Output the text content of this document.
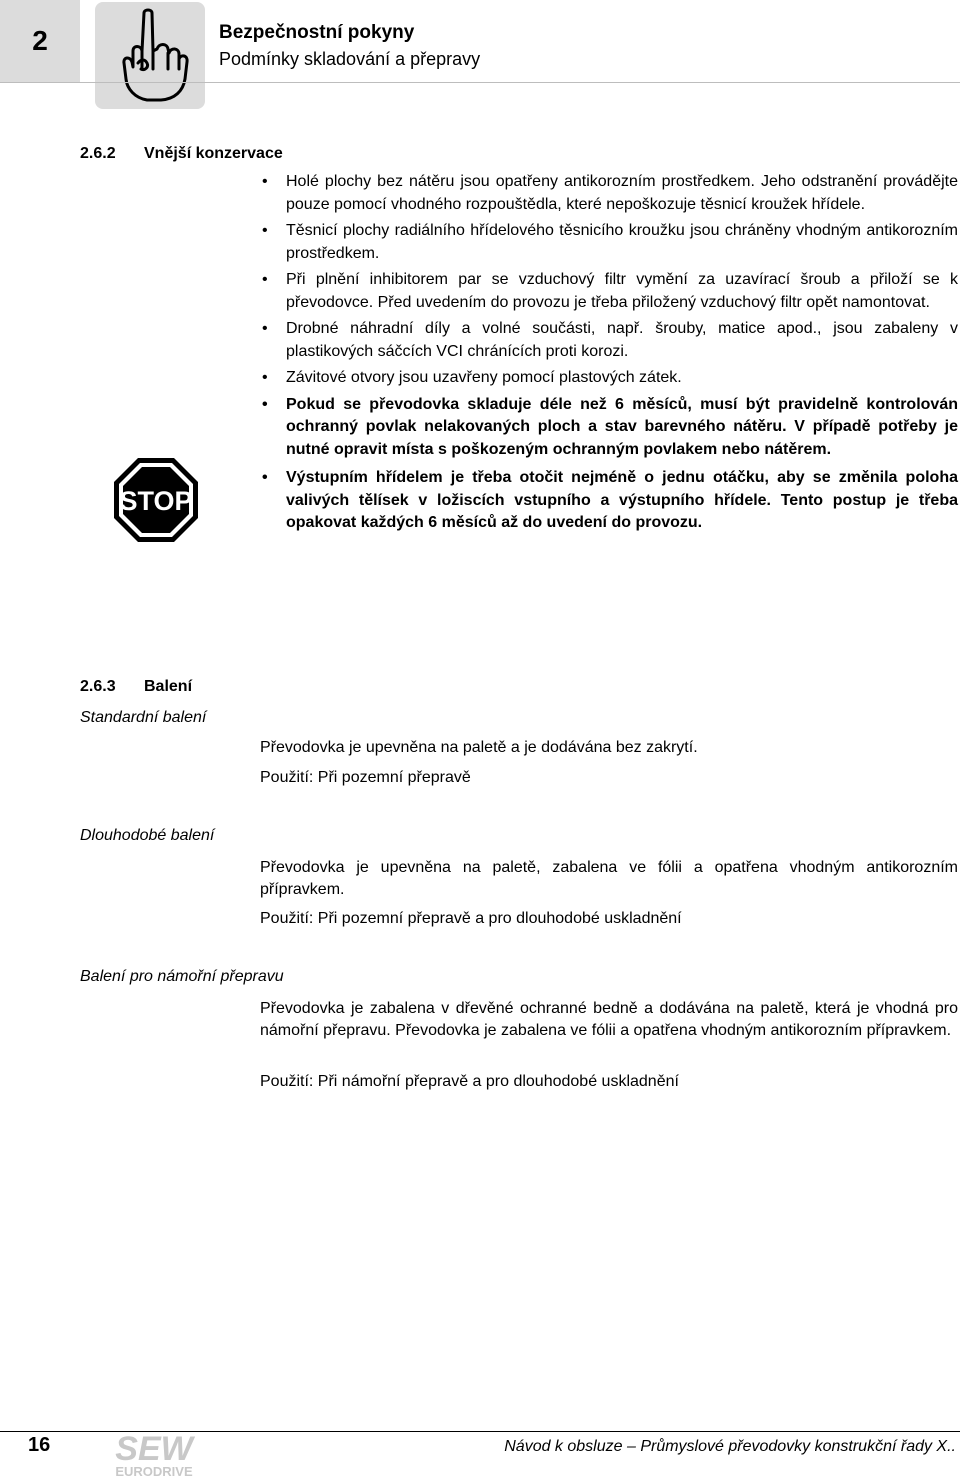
2	Bezpečnostní pokyny
Podmínky skladování a přepravy
2.6.2 Vnější konzervace
• Holé plochy bez nátěru jsou opatřeny antikorozním prostředkem. Jeho odstranění provádějte pouze pomocí vhodného rozpouštědla, které nepoškozuje těsnicí kroužek hřídele.
• Těsnicí plochy radiálního hřídelového těsnicího kroužku jsou chráněny vhodným antikorozním prostředkem.
• Při plnění inhibitorem par se vzduchový filtr vymění za uzavírací šroub a přiloží se k převodovce. Před uvedením do provozu je třeba přiložený vzduchový filtr opět namontovat.
• Drobné náhradní díly a volné součásti, např. šrouby, matice apod., jsou zabaleny v plastikových sáčcích VCI chránících proti korozi.
• Závitové otvory jsou uzavřeny pomocí plastových zátek.
• Pokud se převodovka skladuje déle než 6 měsíců, musí být pravidelně kontrolován ochranný povlak nelakovaných ploch a stav barevného nátěru. V případě potřeby je nutné opravit místa s poškozeným ochranným povlakem nebo nátěrem.
• Výstupním hřídelem je třeba otočit nejméně o jednu otáčku, aby se změnila poloha valivých tělísek v ložiscích vstupního a výstupního hřídele. Tento postup je třeba opakovat každých 6 měsíců až do uvedení do provozu.
STOP
2.6.3 Balení
Standardní balení

Převodovka je upevněna na paletě a je dodávána bez zakrytí.

Použití: Při pozemní přepravě

Dlouhodobé balení

Převodovka je upevněna na paletě, zabalena ve fólii a opatřena vhodným antikorozním přípravkem.

Použití: Při pozemní přepravě a pro dlouhodobé uskladnění

Balení pro námořní přepravu

Převodovka je zabalena v dřevěné ochranné bedně a dodávána na paletě, která je vhodná pro námořní přepravu. Převodovka je zabalena ve fólii a opatřena vhodným antikorozním přípravkem.

Použití: Při námořní přepravě a pro dlouhodobé uskladnění

16 SEW
EURODRIVE
Návod k obsluze – Průmyslové převodovky konstrukční řady X..
